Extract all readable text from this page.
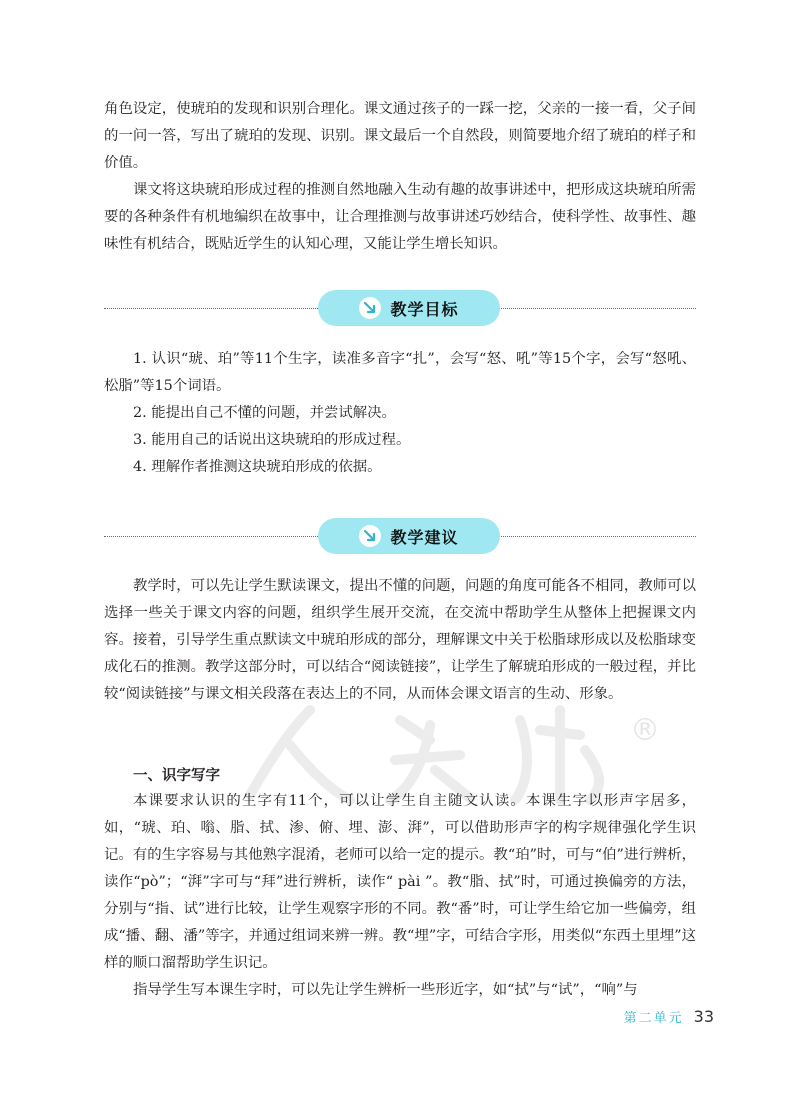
®

角色设定，使琥珀的发现和识别合理化。课文通过孩子的一踩一挖，父亲的一接一看，父子间的一问一答，写出了琥珀的发现、识别。课文最后一个自然段，则简要地介绍了琥珀的样子和价值。

课文将这块琥珀形成过程的推测自然地融入生动有趣的故事讲述中，把形成这块琥珀所需要的各种条件有机地编织在故事中，让合理推测与故事讲述巧妙结合，使科学性、故事性、趣味性有机结合，既贴近学生的认知心理，又能让学生增长知识。

教学目标
1. 认识“琥、珀”等11个生字，读准多音字“扎”，会写“怒、吼”等15个字，会写“怒吼、松脂”等15个词语。
2. 能提出自己不懂的问题，并尝试解决。
3. 能用自己的话说出这块琥珀的形成过程。
4. 理解作者推测这块琥珀形成的依据。
教学建议

教学时，可以先让学生默读课文，提出不懂的问题，问题的角度可能各不相同，教师可以选择一些关于课文内容的问题，组织学生展开交流，在交流中帮助学生从整体上把握课文内容。接着，引导学生重点默读文中琥珀形成的部分，理解课文中关于松脂球形成以及松脂球变成化石的推测。教学这部分时，可以结合“阅读链接”，让学生了解琥珀形成的一般过程，并比较“阅读链接”与课文相关段落在表达上的不同，从而体会课文语言的生动、形象。

一、识字写字

本课要求认识的生字有11个，可以让学生自主随文认读。本课生字以形声字居多，如，“琥、珀、嗡、脂、拭、渗、俯、埋、澎、湃”，可以借助形声字的构字规律强化学生识记。有的生字容易与其他熟字混淆，老师可以给一定的提示。教“珀”时，可与“伯”进行辨析，读作“pò”；“湃”字可与“拜”进行辨析，读作“ pài ”。教“脂、拭”时，可通过换偏旁的方法，分别与“指、试”进行比较，让学生观察字形的不同。教“番”时，可让学生给它加一些偏旁，组成“播、翻、潘”等字，并通过组词来辨一辨。教“埋”字，可结合字形，用类似“东西土里埋”这样的顺口溜帮助学生识记。

指导学生写本课生字时，可以先让学生辨析一些形近字，如“拭”与“试”，“响”与

第二单元 33
